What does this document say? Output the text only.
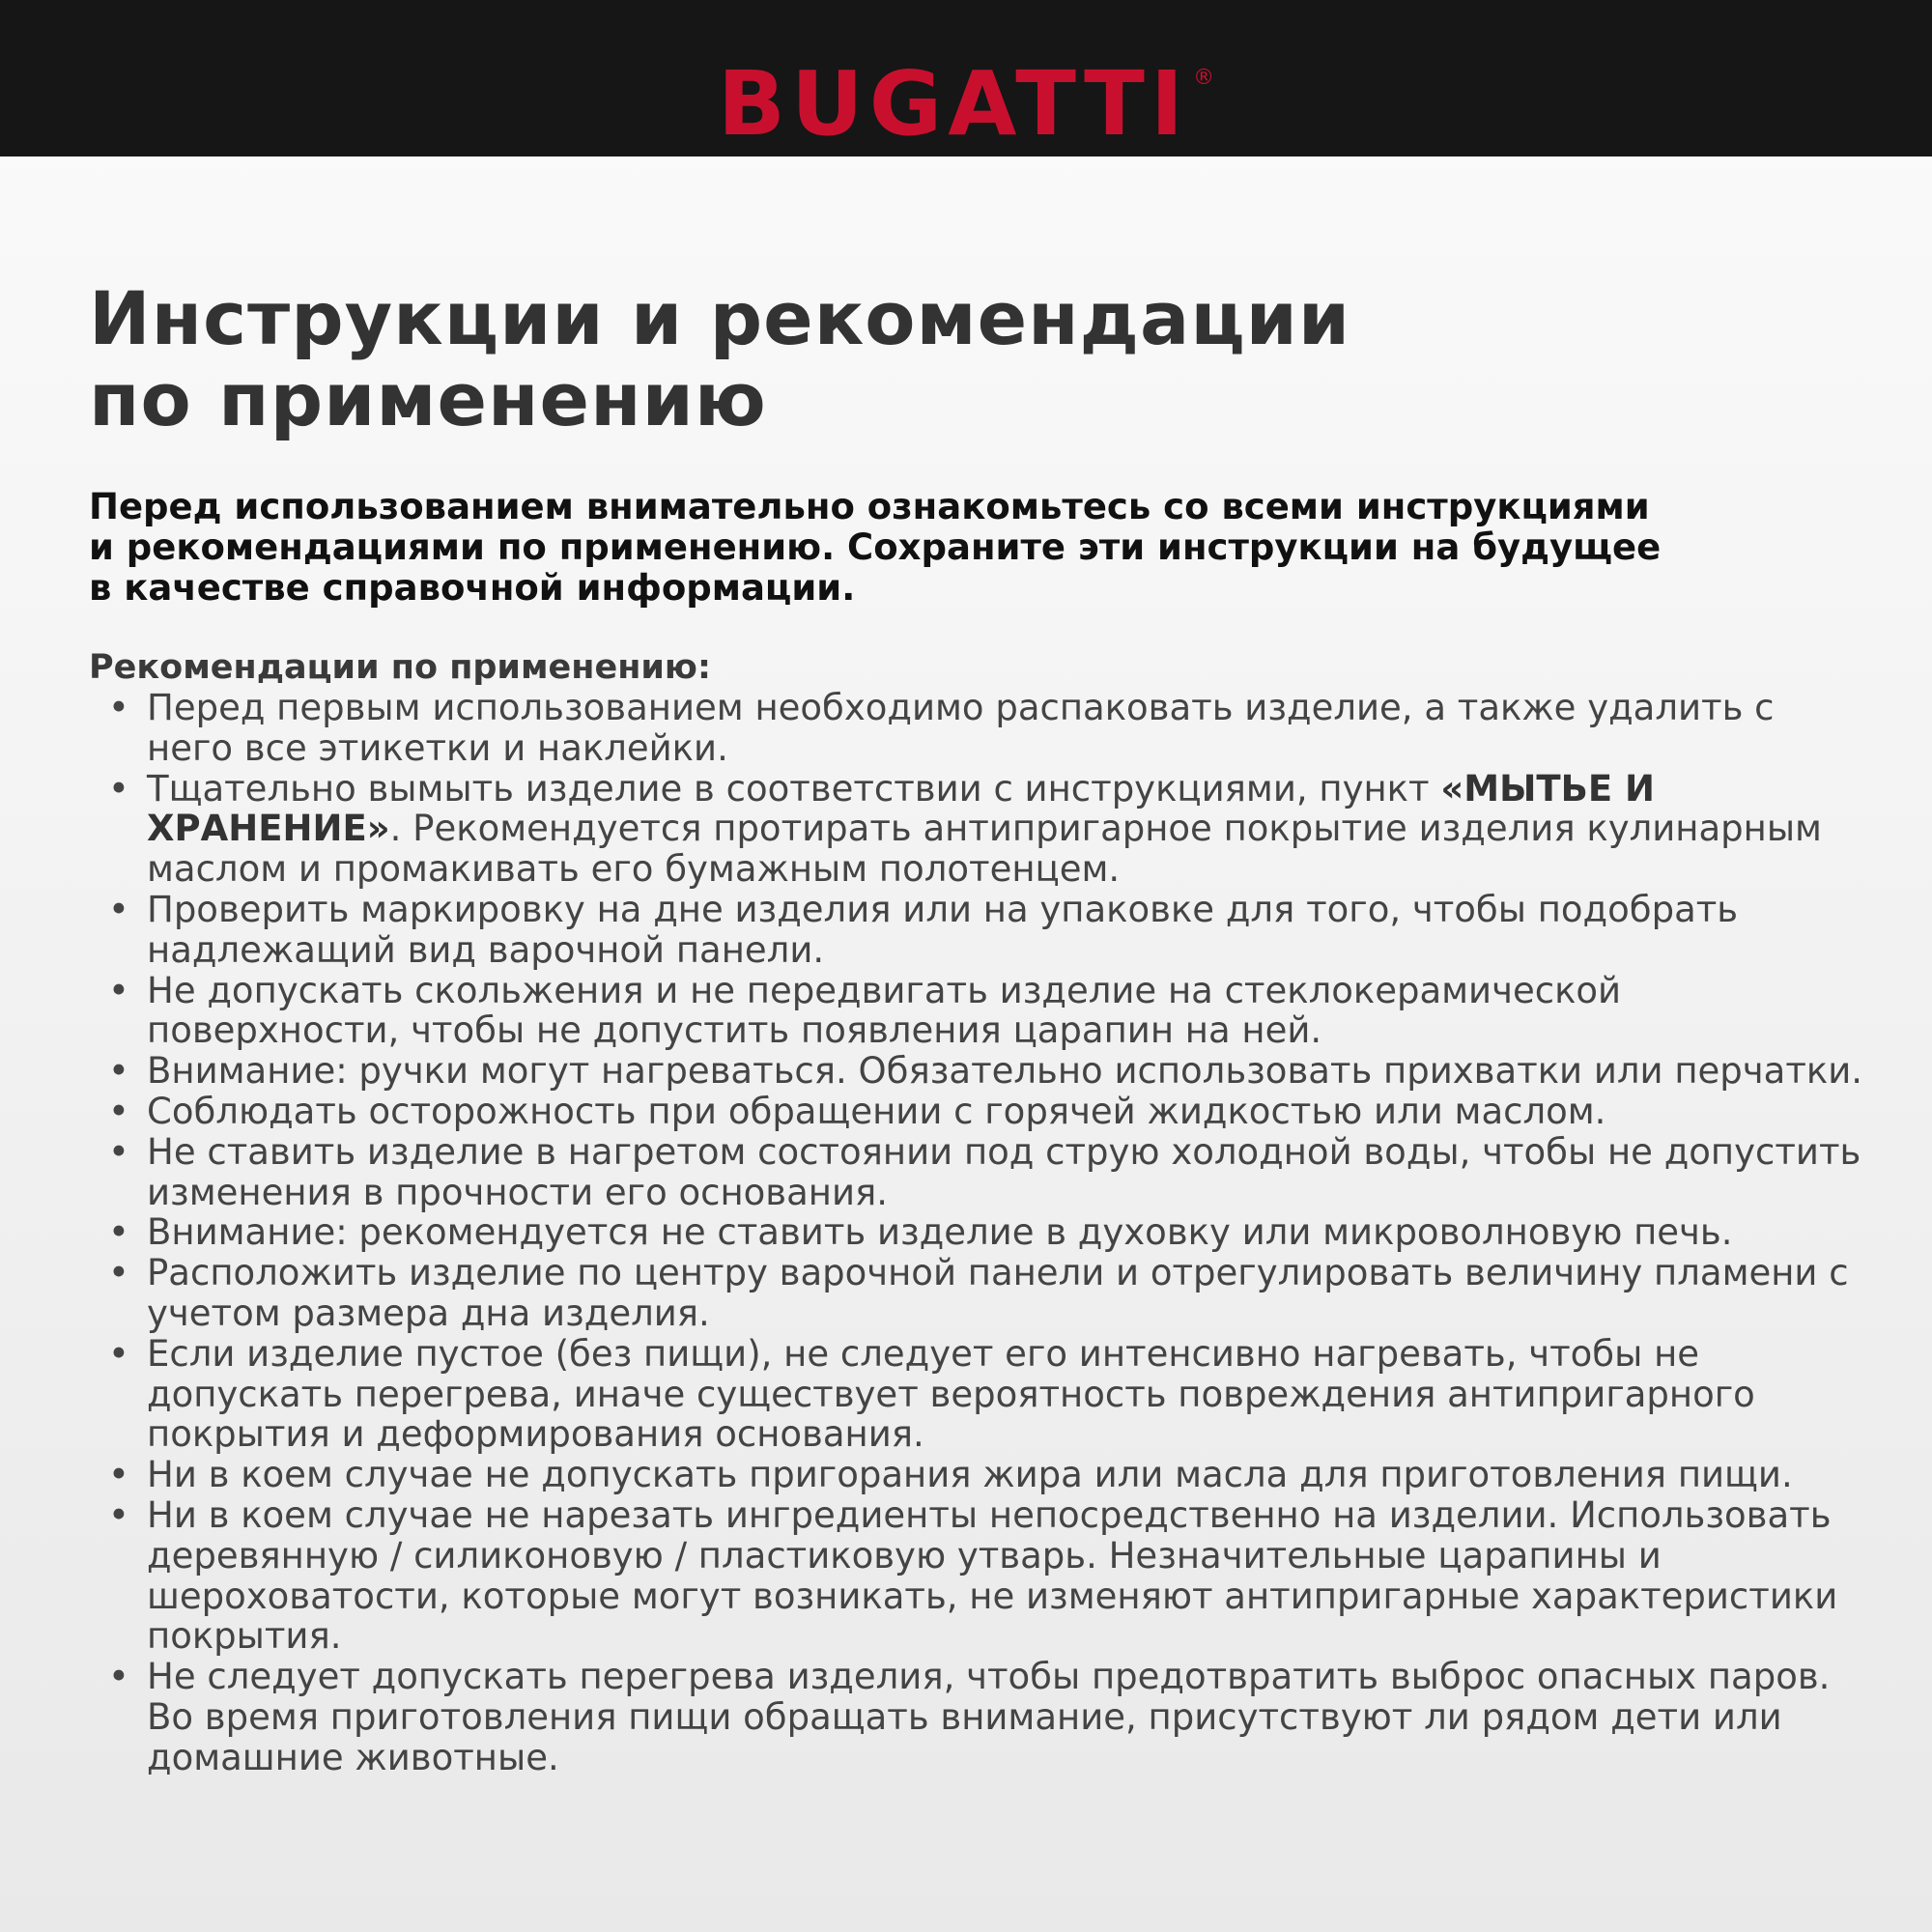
BUGATTI ®
Инструкции и рекомендации
по применению

Перед использованием внимательно ознакомьтесь со всеми инструкциями
и рекомендациями по применению. Сохраните эти инструкции на будущее
в качестве справочной информации.

Рекомендации по применению:
• Перед первым использованием необходимо распаковать изделие, а также удалить с него все этикетки и наклейки.
• Тщательно вымыть изделие в соответствии с инструкциями, пункт «МЫТЬЕ И ХРАНЕНИЕ». Рекомендуется протирать антипригарное покрытие изделия кулинарным маслом и промакивать его бумажным полотенцем.
• Проверить маркировку на дне изделия или на упаковке для того, чтобы подобрать надлежащий вид варочной панели.
• Не допускать скольжения и не передвигать изделие на стеклокерамической поверхности, чтобы не допустить появления царапин на ней.
• Внимание: ручки могут нагреваться. Обязательно использовать прихватки или перчатки.
• Соблюдать осторожность при обращении с горячей жидкостью или маслом.
• Не ставить изделие в нагретом состоянии под струю холодной воды, чтобы не допустить изменения в прочности его основания.
• Внимание: рекомендуется не ставить изделие в духовку или микроволновую печь.
• Расположить изделие по центру варочной панели и отрегулировать величину пламени с учетом размера дна изделия.
• Если изделие пустое (без пищи), не следует его интенсивно нагревать, чтобы не допускать перегрева, иначе существует вероятность повреждения антипригарного покрытия и деформирования основания.
• Ни в коем случае не допускать пригорания жира или масла для приготовления пищи.
• Ни в коем случае не нарезать ингредиенты непосредственно на изделии. Использовать деревянную / силиконовую / пластиковую утварь. Незначительные царапины и шероховатости, которые могут возникать, не изменяют антипригарные характеристики покрытия.
• Не следует допускать перегрева изделия, чтобы предотвратить выброс опасных паров. Во время приготовления пищи обращать внимание, присутствуют ли рядом дети или домашние животные.
